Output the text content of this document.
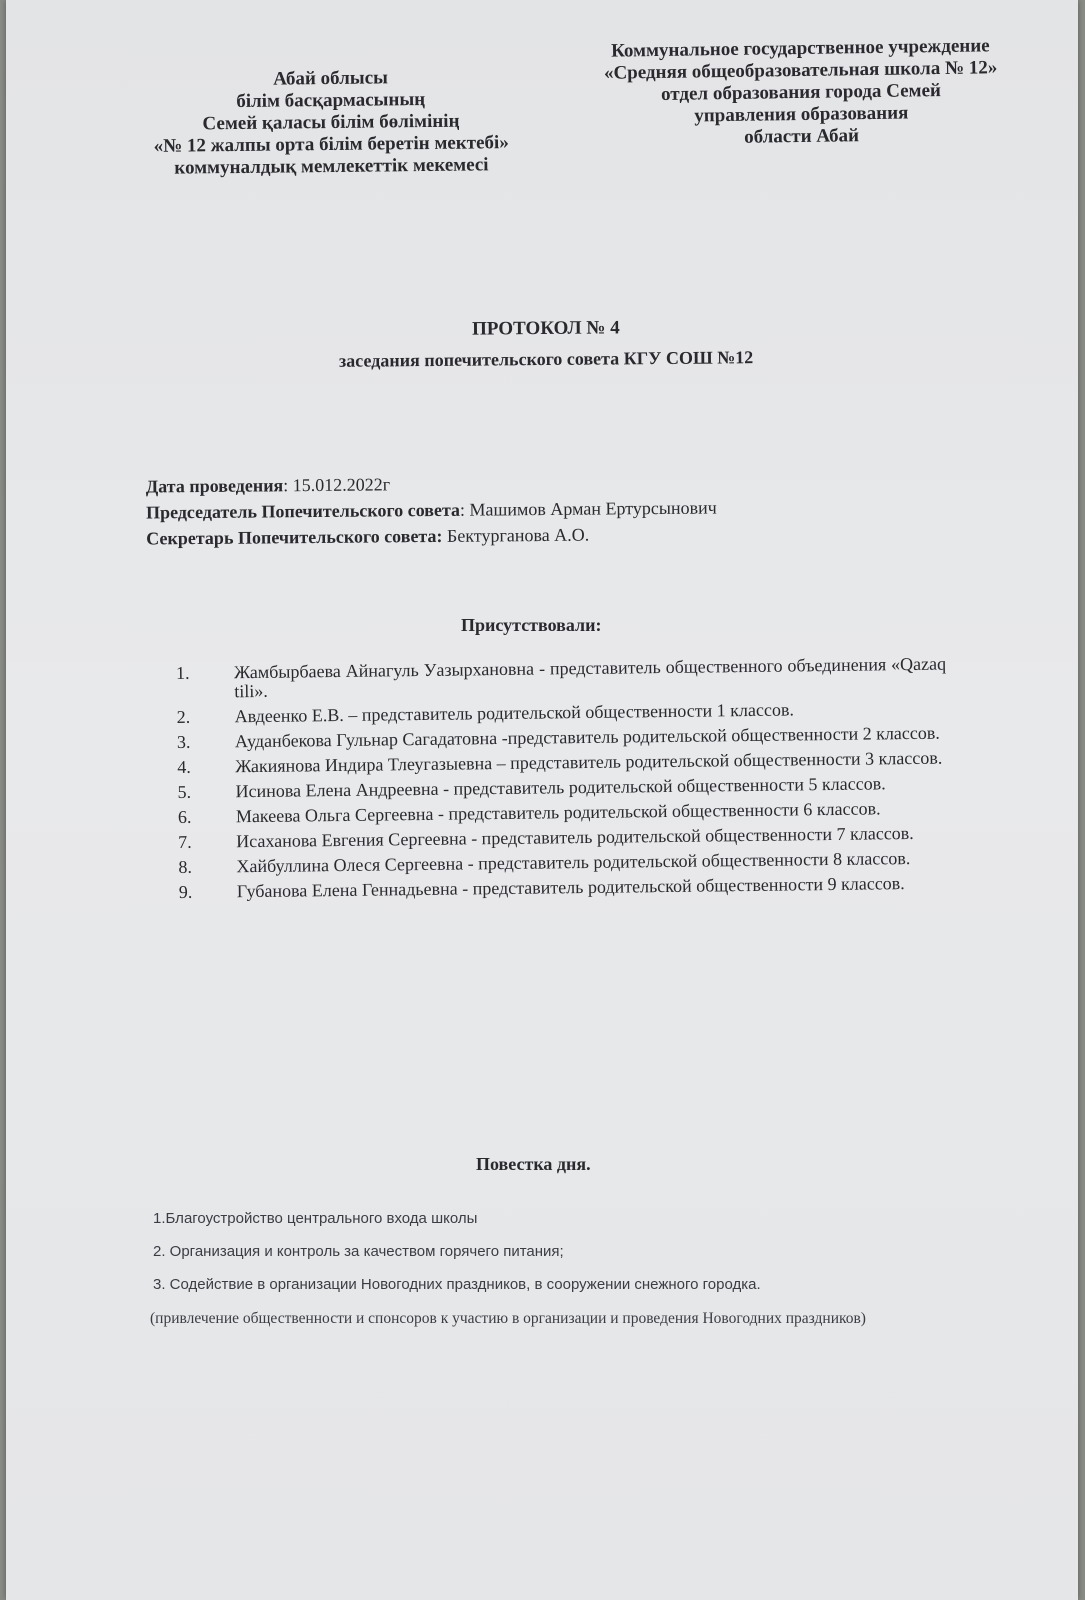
Абай облысы
білім басқармасының
Семей қаласы білім бөлімінің
«№ 12 жалпы орта білім беретін мектебі»
коммуналдық мемлекеттік мекемесі
Коммунальное государственное учреждение
«Средняя общеобразовательная школа № 12»
отдел образования города Семей
управления образования
области Абай
ПРОТОКОЛ № 4
заседания попечительского совета КГУ СОШ №12
Дата проведения: 15.012.2022г
Председатель Попечительского совета: Машимов Арман Ертурсынович
Секретарь Попечительского совета: Бектурганова А.О.
Присутствовали:
1.	Жамбырбаева Айнагуль Уазырхановна - представитель общественного объединения «Qazaq tili».
2.	Авдеенко Е.В. – представитель родительской общественности 1 классов.
3.	Ауданбекова Гульнар Сагадатовна -представитель родительской общественности 2 классов.
4.	Жакиянова Индира Тлеугазыевна – представитель родительской общественности 3 классов.
5.	Исинова Елена Андреевна - представитель родительской общественности 5 классов.
6.	Макеева Ольга Сергеевна - представитель родительской общественности 6 классов.
7.	Исаханова Евгения Сергеевна - представитель родительской общественности 7 классов.
8.	Хайбуллина Олеся Сергеевна - представитель родительской общественности 8 классов.
9.	Губанова Елена Геннадьевна - представитель родительской общественности 9 классов.
Повестка дня.
1.Благоустройство центрального входа школы
2. Организация и контроль за качеством горячего питания;
3. Содействие в организации Новогодних праздников, в сооружении снежного городка.
(привлечение общественности и спонсоров к участию в организации и проведения Новогодних праздников)
